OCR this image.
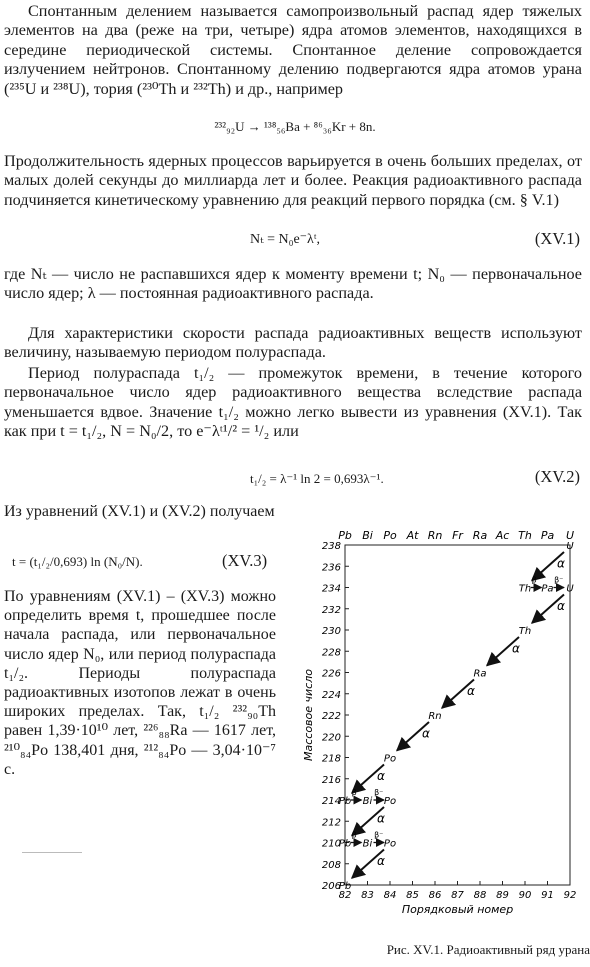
Спонтанным делением называется самопроизвольный распад ядер тяжелых элементов на два (реже на три, четыре) ядра атомов элементов, находящихся в середине периодической системы. Спонтанное деление сопровождается излучением нейтронов. Спонтанному делению подвергаются ядра атомов урана (²³⁵U и ²³⁸U), тория (²³⁰Th и ²³²Th) и др., например

²³²₉₂U → ¹³⁸₅₆Ba + ⁸⁶₃₆Kr + 8n.

Продолжительность ядерных процессов варьируется в очень больших пределах, от малых долей секунды до миллиарда лет и более. Реакция радиоактивного распада подчиняется кинетическому уравнению для реакций первого порядка (см. § V.1)

Nₜ = N₀e⁻λᵗ,	(XV.1)

где Nₜ — число не распавшихся ядер к моменту времени t; N₀ — первоначальное число ядер; λ — постоянная радиоактивного распада.

Для характеристики скорости распада радиоактивных веществ используют величину, называемую периодом полураспада.

Период полураспада t₁/₂ — промежуток времени, в течение которого первоначальное число ядер радиоактивного вещества вследствие распада уменьшается вдвое. Значение t₁/₂ можно легко вывести из уравнения (XV.1). Так как при t = t₁/₂, N = N₀/2, то e⁻λᵗ¹/² = ¹/₂ или

t₁/₂ = λ⁻¹ ln 2 = 0,693λ⁻¹.	(XV.2)

Из уравнений (XV.1) и (XV.2) получаем

t = (t₁/₂/0,693) ln (N₀/N).	(XV.3)

По уравнениям (XV.1) – (XV.3) можно определить время t, прошедшее после начала распада, или первоначальное число ядер N₀, или период полураспада t₁/₂. Периоды полураспада радиоактивных изотопов лежат в очень широких пределах. Так, t₁/₂ ²³²₉₀Th равен 1,39·10¹⁰ лет, ²²⁶₈₈Ra — 1617 лет, ²¹⁰₈₄Po 138,401 дня, ²¹²₈₄Po — 3,04·10⁻⁷ с.

Pb Bi Po At Rn Fr Ra Ac Th Pa U
238
236
234
232
230
228
226
224
222
220
218
216
214
212
210
208
206
82 83 84 85 86 87 88 89 90 91 92
Массовое число
Порядковый номер
U
Th Pa U
Th
Ra
Rn
Po
Pb Bi Po
Pb Bi Po
Pb
α
α
α
α
α
α
α
α
β⁻ β⁻
β⁻ β⁻
β⁻ β⁻
Рис. XV.1. Радиоактивный ряд урана
